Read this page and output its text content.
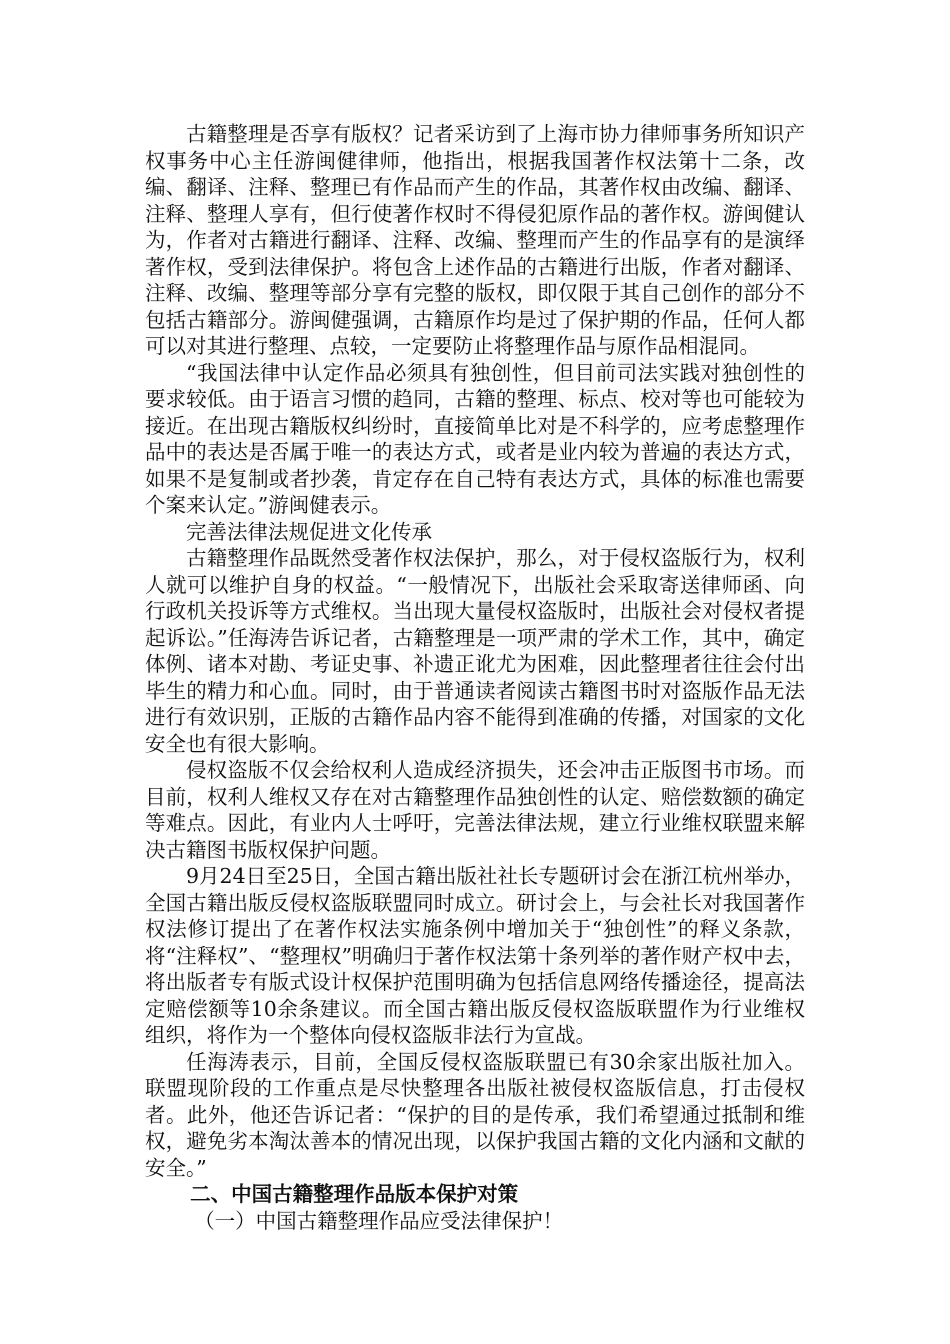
古籍整理是否享有版权？记者采访到了上海市协力律师事务所知识产权事务中心主任游闽健律师，他指出，根据我国著作权法第十二条，改编、翻译、注释、整理已有作品而产生的作品，其著作权由改编、翻译、注释、整理人享有，但行使著作权时不得侵犯原作品的著作权。游闽健认为，作者对古籍进行翻译、注释、改编、整理而产生的作品享有的是演绎著作权，受到法律保护。将包含上述作品的古籍进行出版，作者对翻译、注释、改编、整理等部分享有完整的版权，即仅限于其自己创作的部分不包括古籍部分。游闽健强调，古籍原作均是过了保护期的作品，任何人都可以对其进行整理、点较，一定要防止将整理作品与原作品相混同。

“我国法律中认定作品必须具有独创性，但目前司法实践对独创性的要求较低。由于语言习惯的趋同，古籍的整理、标点、校对等也可能较为接近。在出现古籍版权纠纷时，直接简单比对是不科学的，应考虑整理作品中的表达是否属于唯一的表达方式，或者是业内较为普遍的表达方式，如果不是复制或者抄袭，肯定存在自己特有表达方式，具体的标准也需要个案来认定。”游闽健表示。

完善法律法规促进文化传承

古籍整理作品既然受著作权法保护，那么，对于侵权盗版行为，权利人就可以维护自身的权益。“一般情况下，出版社会采取寄送律师函、向行政机关投诉等方式维权。当出现大量侵权盗版时，出版社会对侵权者提起诉讼。”任海涛告诉记者，古籍整理是一项严肃的学术工作，其中，确定体例、诸本对勘、考证史事、补遗正讹尤为困难，因此整理者往往会付出毕生的精力和心血。同时，由于普通读者阅读古籍图书时对盗版作品无法进行有效识别，正版的古籍作品内容不能得到准确的传播，对国家的文化安全也有很大影响。

侵权盗版不仅会给权利人造成经济损失，还会冲击正版图书市场。而目前，权利人维权又存在对古籍整理作品独创性的认定、赔偿数额的确定等难点。因此，有业内人士呼吁，完善法律法规，建立行业维权联盟来解决古籍图书版权保护问题。

9月24日至25日，全国古籍出版社社长专题研讨会在浙江杭州举办，全国古籍出版反侵权盗版联盟同时成立。研讨会上，与会社长对我国著作权法修订提出了在著作权法实施条例中增加关于“独创性”的释义条款，将“注释权”、“整理权”明确归于著作权法第十条列举的著作财产权中去，将出版者专有版式设计权保护范围明确为包括信息网络传播途径，提高法定赔偿额等10余条建议。而全国古籍出版反侵权盗版联盟作为行业维权组织，将作为一个整体向侵权盗版非法行为宣战。

任海涛表示，目前，全国反侵权盗版联盟已有30余家出版社加入。联盟现阶段的工作重点是尽快整理各出版社被侵权盗版信息，打击侵权者。此外，他还告诉记者：“保护的目的是传承，我们希望通过抵制和维权，避免劣本淘汰善本的情况出现，以保护我国古籍的文化内涵和文献的安全。”

二、中国古籍整理作品版本保护对策

（一）中国古籍整理作品应受法律保护！
